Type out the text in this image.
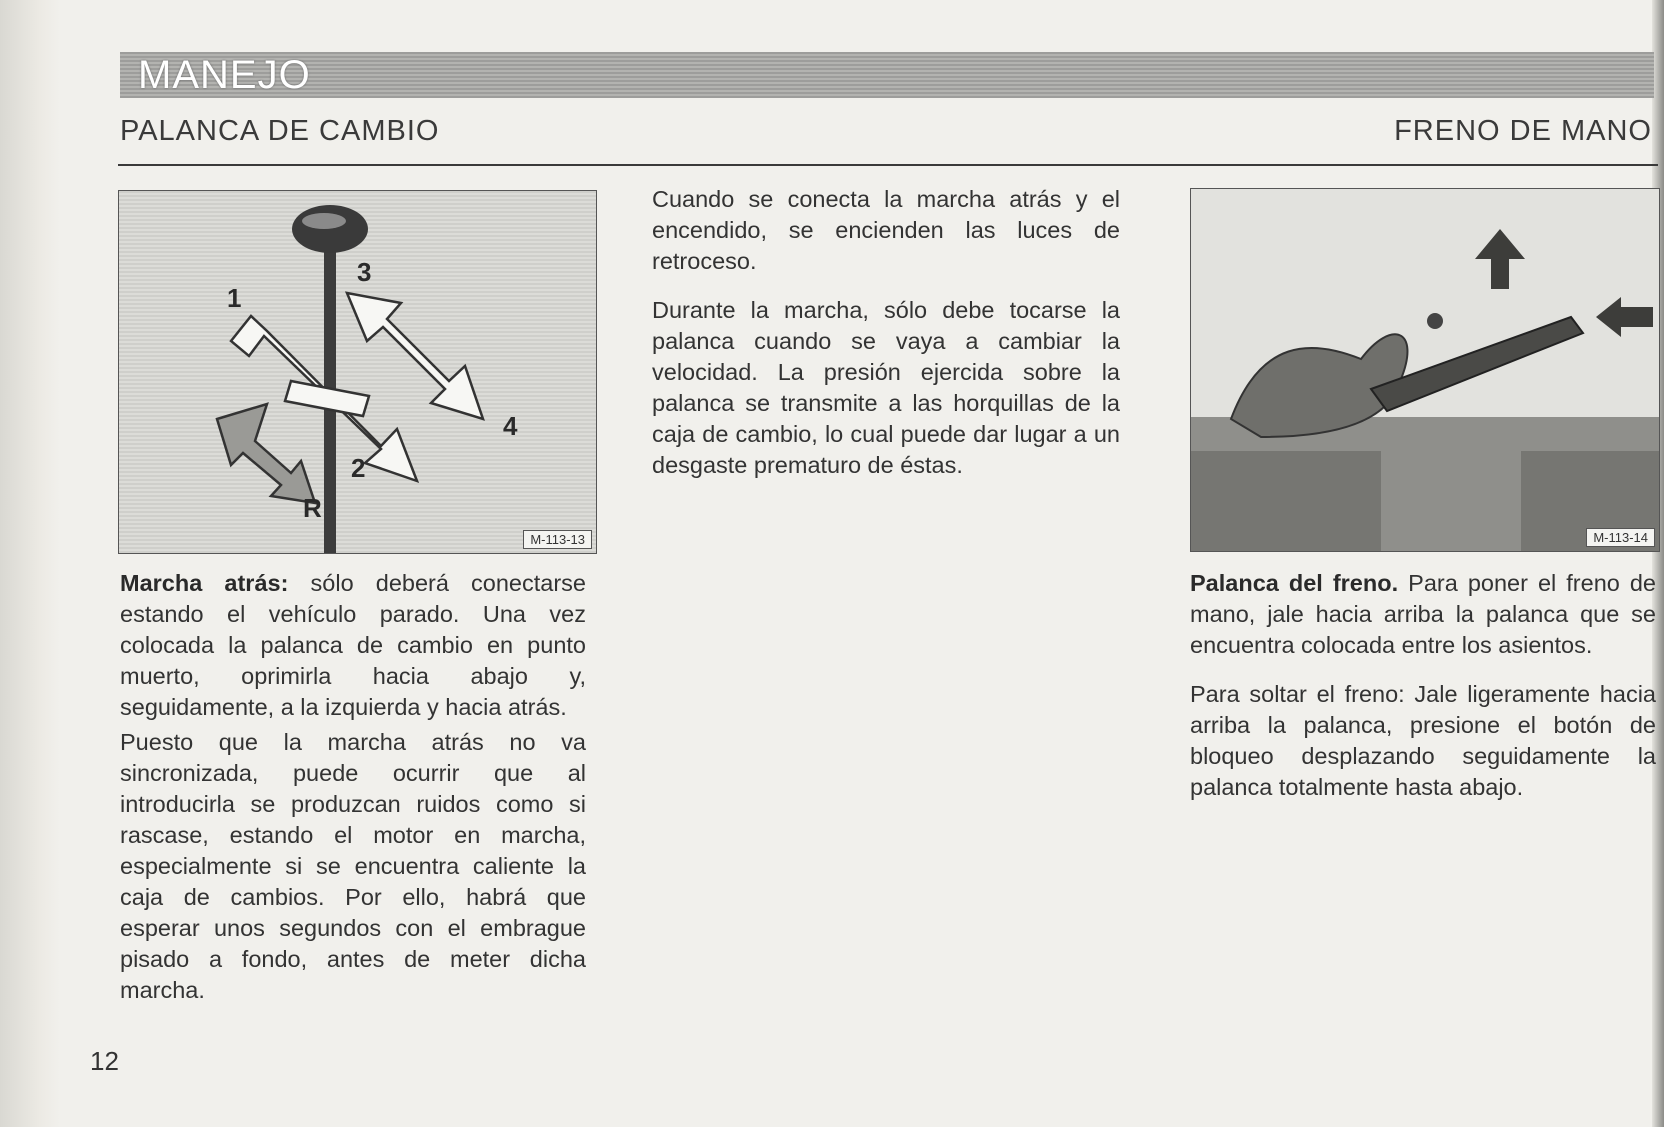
MANEJO
PALANCA DE CAMBIO	FRENO DE MANO
1
2
3
4
R
M-113-13	M-113-14

Cuando se conecta la marcha atrás y el encendido, se encienden las luces de retroceso.

Durante la marcha, sólo debe tocarse la palanca cuando se vaya a cambiar la velocidad. La presión ejercida sobre la palanca se transmite a las horquillas de la caja de cambio, lo cual puede dar lugar a un desgaste prematuro de éstas.

Marcha atrás: sólo deberá conectarse estando el vehículo parado. Una vez colocada la palanca de cambio en punto muerto, oprimirla hacia abajo y, seguidamente, a la izquierda y hacia atrás.

Puesto que la marcha atrás no va sincronizada, puede ocurrir que al introducirla se produzcan ruidos como si rascase, estando el motor en marcha, especialmente si se encuentra caliente la caja de cambios. Por ello, habrá que esperar unos segundos con el embrague pisado a fondo, antes de meter dicha marcha.

Palanca del freno. Para poner el freno de mano, jale hacia arriba la palanca que se encuentra colocada entre los asientos.

Para soltar el freno: Jale ligeramente hacia arriba la palanca, presione el botón de bloqueo desplazando seguidamente la palanca totalmente hasta abajo.

12
